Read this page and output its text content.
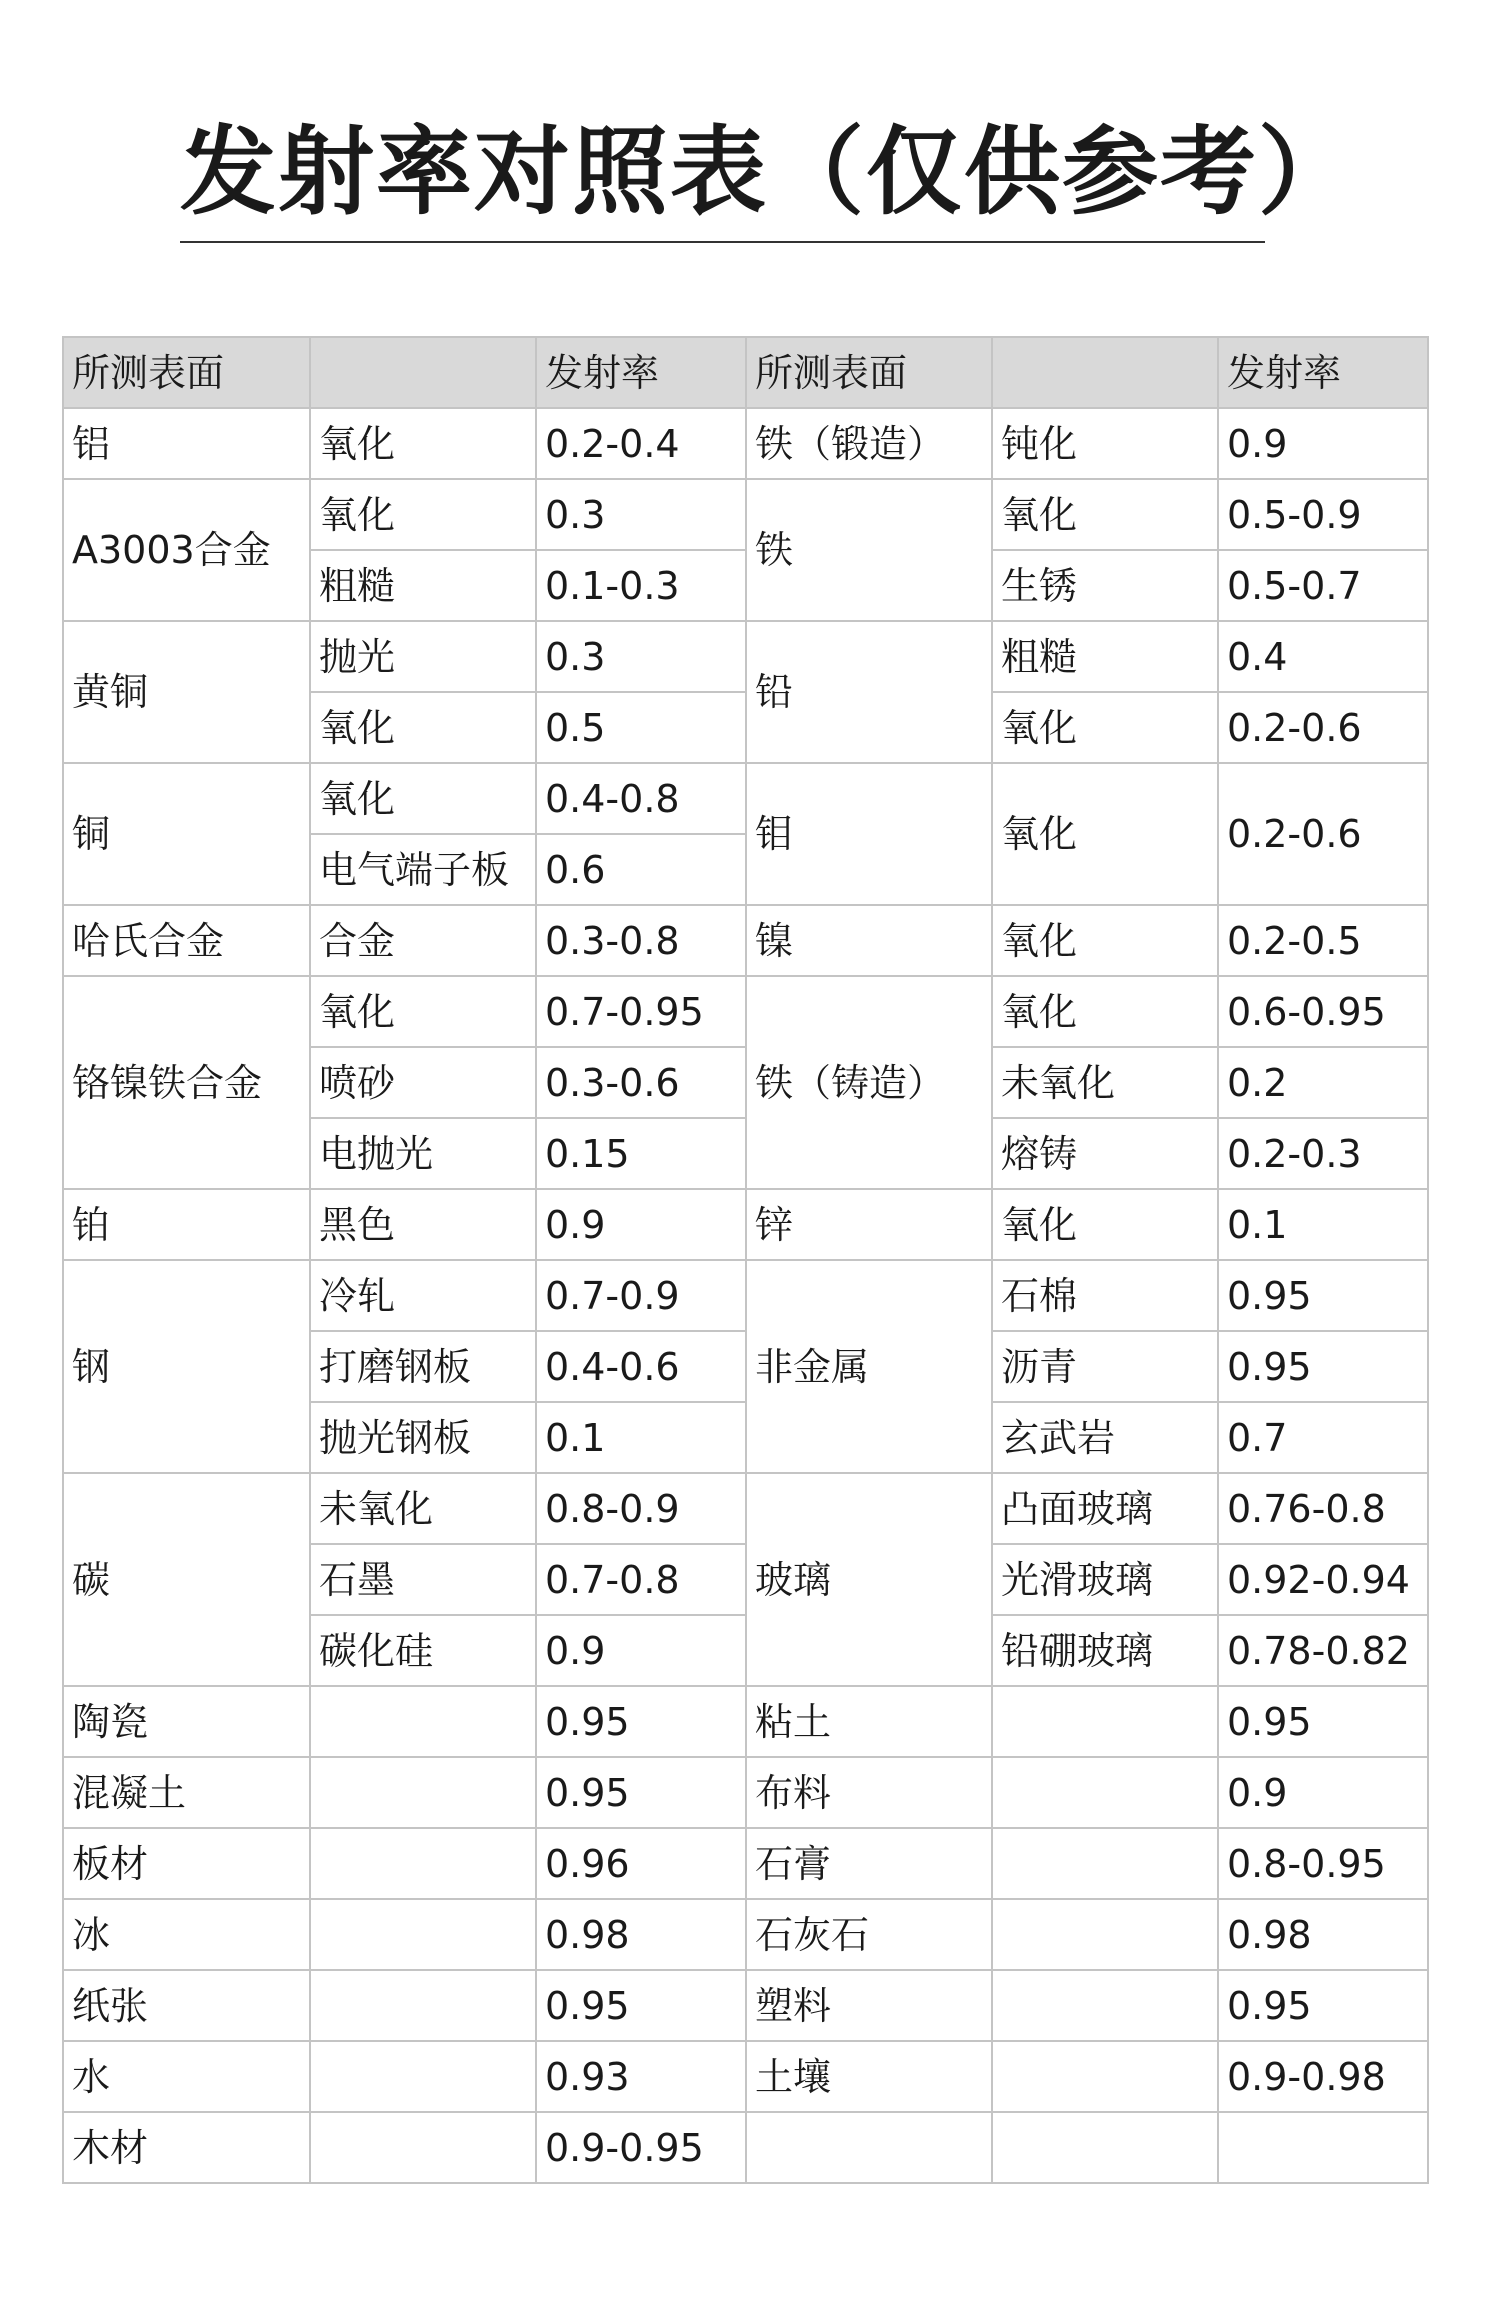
发射率对照表（仅供参考）
所测表面		发射率	所测表面		发射率
铝	氧化	0.2-0.4	铁（锻造）	钝化	0.9
A3003合金	氧化	0.3	铁	氧化	0.5-0.9
	粗糙	0.1-0.3		生锈	0.5-0.7
黄铜	抛光	0.3	铅	粗糙	0.4
	氧化	0.5		氧化	0.2-0.6
铜	氧化	0.4-0.8	钼	氧化	0.2-0.6
	电气端子板	0.6			
哈氏合金	合金	0.3-0.8	镍	氧化	0.2-0.5
铬镍铁合金	氧化	0.7-0.95	铁（铸造）	氧化	0.6-0.95
	喷砂	0.3-0.6		未氧化	0.2
	电抛光	0.15		熔铸	0.2-0.3
铂	黑色	0.9	锌	氧化	0.1
钢	冷轧	0.7-0.9	非金属	石棉	0.95
	打磨钢板	0.4-0.6		沥青	0.95
	抛光钢板	0.1		玄武岩	0.7
碳	未氧化	0.8-0.9	玻璃	凸面玻璃	0.76-0.8
	石墨	0.7-0.8		光滑玻璃	0.92-0.94
	碳化硅	0.9		铅硼玻璃	0.78-0.82
陶瓷		0.95	粘土		0.95
混凝土		0.95	布料		0.9
板材		0.96	石膏		0.8-0.95
冰		0.98	石灰石		0.98
纸张		0.95	塑料		0.95
水		0.93	土壤		0.9-0.98
木材		0.9-0.95			
